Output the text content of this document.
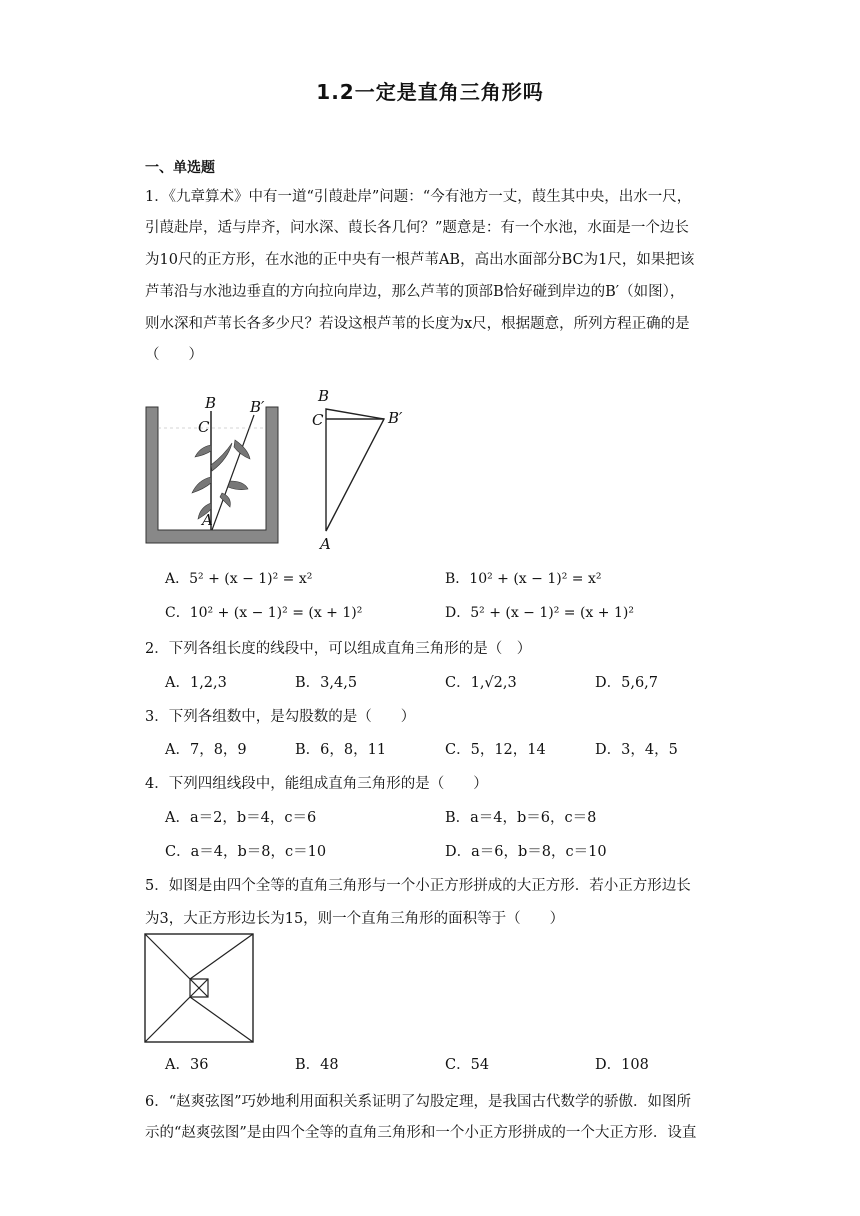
1.2一定是直角三角形吗
一、单选题
1．《九章算术》中有一道“引葭赴岸”问题：“今有池方一丈，葭生其中央，出水一尺，
引葭赴岸，适与岸齐，问水深、葭长各几何？”题意是：有一个水池，水面是一个边长
为10尺的正方形，在水池的正中央有一根芦苇AB，高出水面部分BC为1尺，如果把该
芦苇沿与水池边垂直的方向拉向岸边，那么芦苇的顶部B恰好碰到岸边的B′（如图），
则水深和芦苇长各多少尺？若设这根芦苇的长度为x尺，根据题意，所列方程正确的是
（　　）
B B′
C
A
B
C	B′
A
A．5² + (x − 1)² = x²	B．10² + (x − 1)² = x²
C．10² + (x − 1)² = (x + 1)²	D．5² + (x − 1)² = (x + 1)²
2．下列各组长度的线段中，可以组成直角三角形的是（　）
A．1,2,3	B．3,4,5	C．1,√2,3	D．5,6,7
3．下列各组数中，是勾股数的是（　　）
A．7，8，9	B．6，8，11	C．5，12，14	D．3，4，5
4．下列四组线段中，能组成直角三角形的是（　　）
A．a＝2，b＝4，c＝6	B．a＝4，b＝6，c＝8
C．a＝4，b＝8，c＝10	D．a＝6，b＝8，c＝10
5．如图是由四个全等的直角三角形与一个小正方形拼成的大正方形．若小正方形边长
为3，大正方形边长为15，则一个直角三角形的面积等于（　　）
A．36	B．48	C．54	D．108
6．“赵爽弦图”巧妙地利用面积关系证明了勾股定理，是我国古代数学的骄傲．如图所
示的“赵爽弦图”是由四个全等的直角三角形和一个小正方形拼成的一个大正方形．设直
